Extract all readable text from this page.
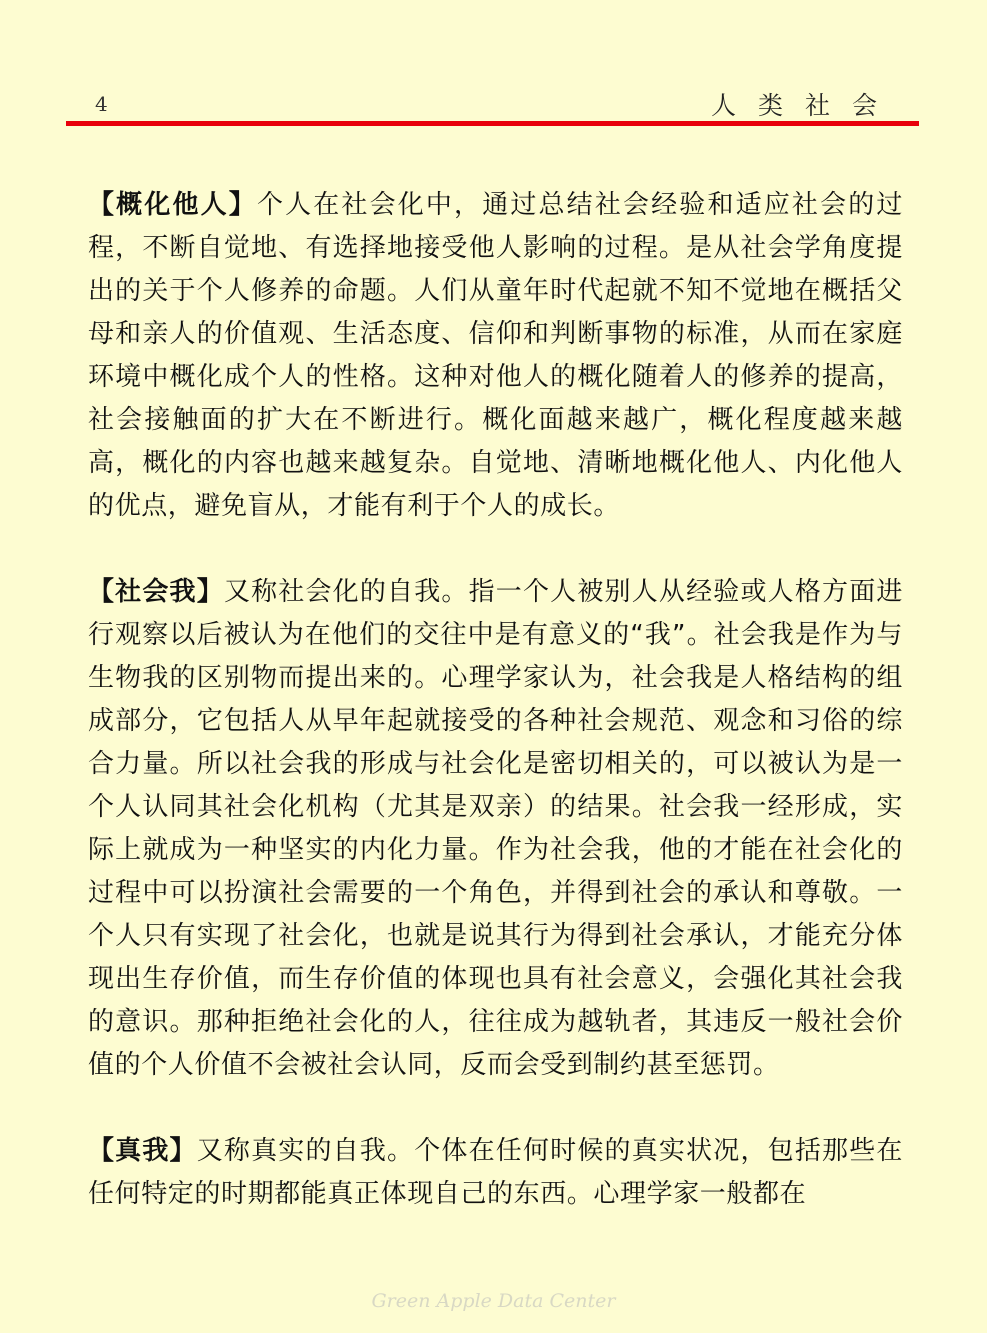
4	人类社会

【概化他人】个人在社会化中，通过总结社会经验和适应社会的过程，不断自觉地、有选择地接受他人影响的过程。是从社会学角度提出的关于个人修养的命题。人们从童年时代起就不知不觉地在概括父母和亲人的价值观、生活态度、信仰和判断事物的标准，从而在家庭环境中概化成个人的性格。这种对他人的概化随着人的修养的提高，社会接触面的扩大在不断进行。概化面越来越广，概化程度越来越高，概化的内容也越来越复杂。自觉地、清晰地概化他人、内化他人的优点，避免盲从，才能有利于个人的成长。

【社会我】又称社会化的自我。指一个人被别人从经验或人格方面进行观察以后被认为在他们的交往中是有意义的“我”。社会我是作为与生物我的区别物而提出来的。心理学家认为，社会我是人格结构的组成部分，它包括人从早年起就接受的各种社会规范、观念和习俗的综合力量。所以社会我的形成与社会化是密切相关的，可以被认为是一个人认同其社会化机构（尤其是双亲）的结果。社会我一经形成，实际上就成为一种坚实的内化力量。作为社会我，他的才能在社会化的过程中可以扮演社会需要的一个角色，并得到社会的承认和尊敬。一个人只有实现了社会化，也就是说其行为得到社会承认，才能充分体现出生存价值，而生存价值的体现也具有社会意义，会强化其社会我的意识。那种拒绝社会化的人，往往成为越轨者，其违反一般社会价值的个人价值不会被社会认同，反而会受到制约甚至惩罚。

【真我】又称真实的自我。个体在任何时候的真实状况，包括那些在任何特定的时期都能真正体现自己的东西。心理学家一般都在

Green Apple Data Center
